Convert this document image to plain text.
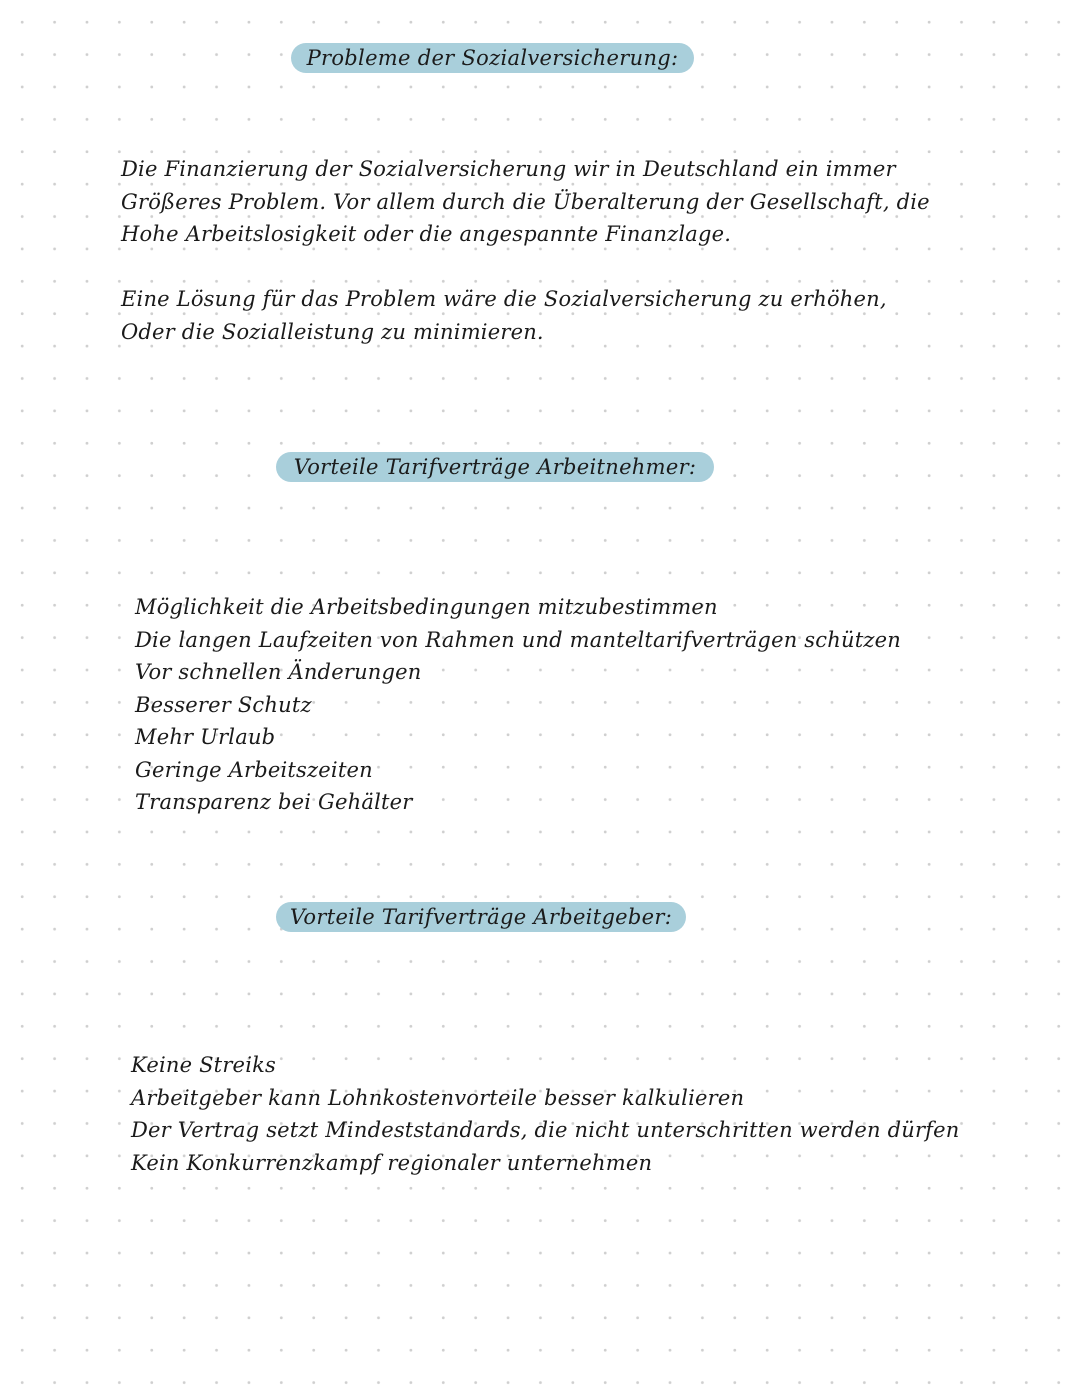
Probleme der Sozialversicherung:
Die Finanzierung der Sozialversicherung wir in Deutschland ein immer
Größeres Problem. Vor allem durch die Überalterung der Gesellschaft, die
Hohe Arbeitslosigkeit oder die angespannte Finanzlage.
Eine Lösung für das Problem wäre die Sozialversicherung zu erhöhen,
Oder die Sozialleistung zu minimieren.
Vorteile Tarifverträge Arbeitnehmer:
Möglichkeit die Arbeitsbedingungen mitzubestimmen
Die langen Laufzeiten von Rahmen und manteltarifverträgen schützen
Vor schnellen Änderungen
Besserer Schutz
Mehr Urlaub
Geringe Arbeitszeiten
Transparenz bei Gehälter
Vorteile Tarifverträge Arbeitgeber:
Keine Streiks
Arbeitgeber kann Lohnkostenvorteile besser kalkulieren
Der Vertrag setzt Mindeststandards, die nicht unterschritten werden dürfen
Kein Konkurrenzkampf regionaler unternehmen
